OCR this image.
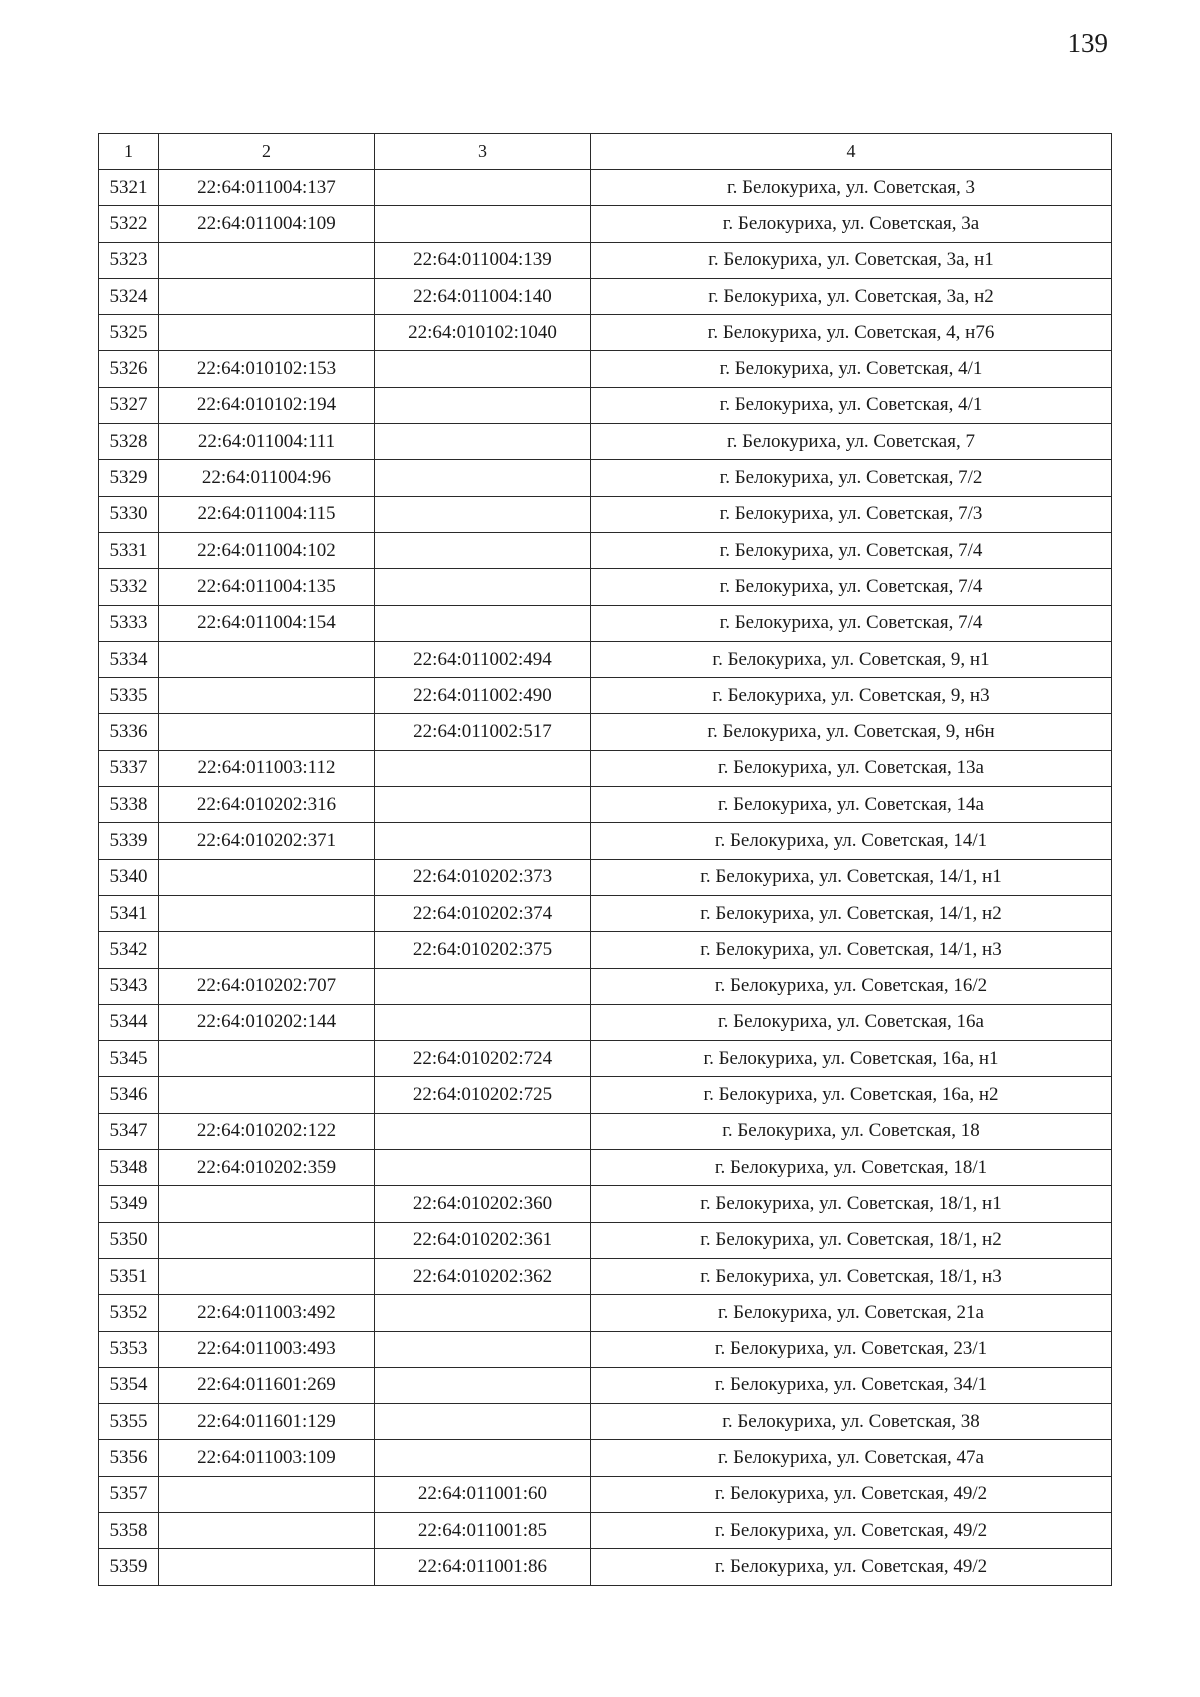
139
1	2	3	4
5321	22:64:011004:137		г. Белокуриха, ул. Советская, 3
5322	22:64:011004:109		г. Белокуриха, ул. Советская, 3а
5323		22:64:011004:139	г. Белокуриха, ул. Советская, 3а, н1
5324		22:64:011004:140	г. Белокуриха, ул. Советская, 3а, н2
5325		22:64:010102:1040	г. Белокуриха, ул. Советская, 4, н76
5326	22:64:010102:153		г. Белокуриха, ул. Советская, 4/1
5327	22:64:010102:194		г. Белокуриха, ул. Советская, 4/1
5328	22:64:011004:111		г. Белокуриха, ул. Советская, 7
5329	22:64:011004:96		г. Белокуриха, ул. Советская, 7/2
5330	22:64:011004:115		г. Белокуриха, ул. Советская, 7/3
5331	22:64:011004:102		г. Белокуриха, ул. Советская, 7/4
5332	22:64:011004:135		г. Белокуриха, ул. Советская, 7/4
5333	22:64:011004:154		г. Белокуриха, ул. Советская, 7/4
5334		22:64:011002:494	г. Белокуриха, ул. Советская, 9, н1
5335		22:64:011002:490	г. Белокуриха, ул. Советская, 9, н3
5336		22:64:011002:517	г. Белокуриха, ул. Советская, 9, н6н
5337	22:64:011003:112		г. Белокуриха, ул. Советская, 13а
5338	22:64:010202:316		г. Белокуриха, ул. Советская, 14а
5339	22:64:010202:371		г. Белокуриха, ул. Советская, 14/1
5340		22:64:010202:373	г. Белокуриха, ул. Советская, 14/1, н1
5341		22:64:010202:374	г. Белокуриха, ул. Советская, 14/1, н2
5342		22:64:010202:375	г. Белокуриха, ул. Советская, 14/1, н3
5343	22:64:010202:707		г. Белокуриха, ул. Советская, 16/2
5344	22:64:010202:144		г. Белокуриха, ул. Советская, 16а
5345		22:64:010202:724	г. Белокуриха, ул. Советская, 16а, н1
5346		22:64:010202:725	г. Белокуриха, ул. Советская, 16а, н2
5347	22:64:010202:122		г. Белокуриха, ул. Советская, 18
5348	22:64:010202:359		г. Белокуриха, ул. Советская, 18/1
5349		22:64:010202:360	г. Белокуриха, ул. Советская, 18/1, н1
5350		22:64:010202:361	г. Белокуриха, ул. Советская, 18/1, н2
5351		22:64:010202:362	г. Белокуриха, ул. Советская, 18/1, н3
5352	22:64:011003:492		г. Белокуриха, ул. Советская, 21а
5353	22:64:011003:493		г. Белокуриха, ул. Советская, 23/1
5354	22:64:011601:269		г. Белокуриха, ул. Советская, 34/1
5355	22:64:011601:129		г. Белокуриха, ул. Советская, 38
5356	22:64:011003:109		г. Белокуриха, ул. Советская, 47а
5357		22:64:011001:60	г. Белокуриха, ул. Советская, 49/2
5358		22:64:011001:85	г. Белокуриха, ул. Советская, 49/2
5359		22:64:011001:86	г. Белокуриха, ул. Советская, 49/2
